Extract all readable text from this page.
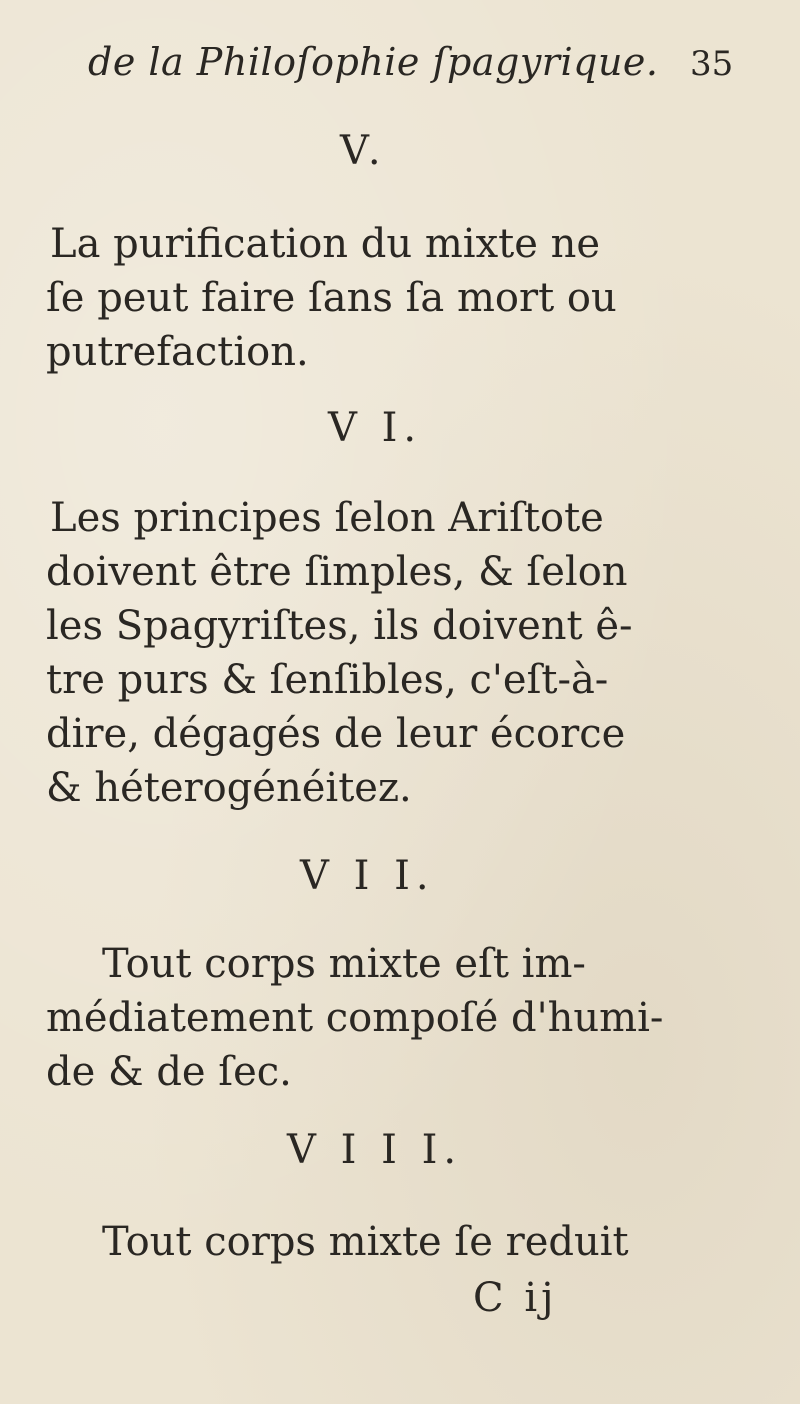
de la Philoſophie ſpagyrique. 35
V.
La purification du mixte ne
ſe peut faire ſans ſa mort ou
putrefaction.
V I.
Les principes ſelon Ariſtote
doivent être ſimples, & ſelon
les Spagyriſtes, ils doivent ê-
tre purs & ſenſibles, c'eſt-à-
dire, dégagés de leur écorce
& héterogénéitez.
V I I.
Tout corps mixte eſt im-
médiatement compoſé d'humi-
de & de ſec.
V I I I.
Tout corps mixte ſe reduit
C ij
